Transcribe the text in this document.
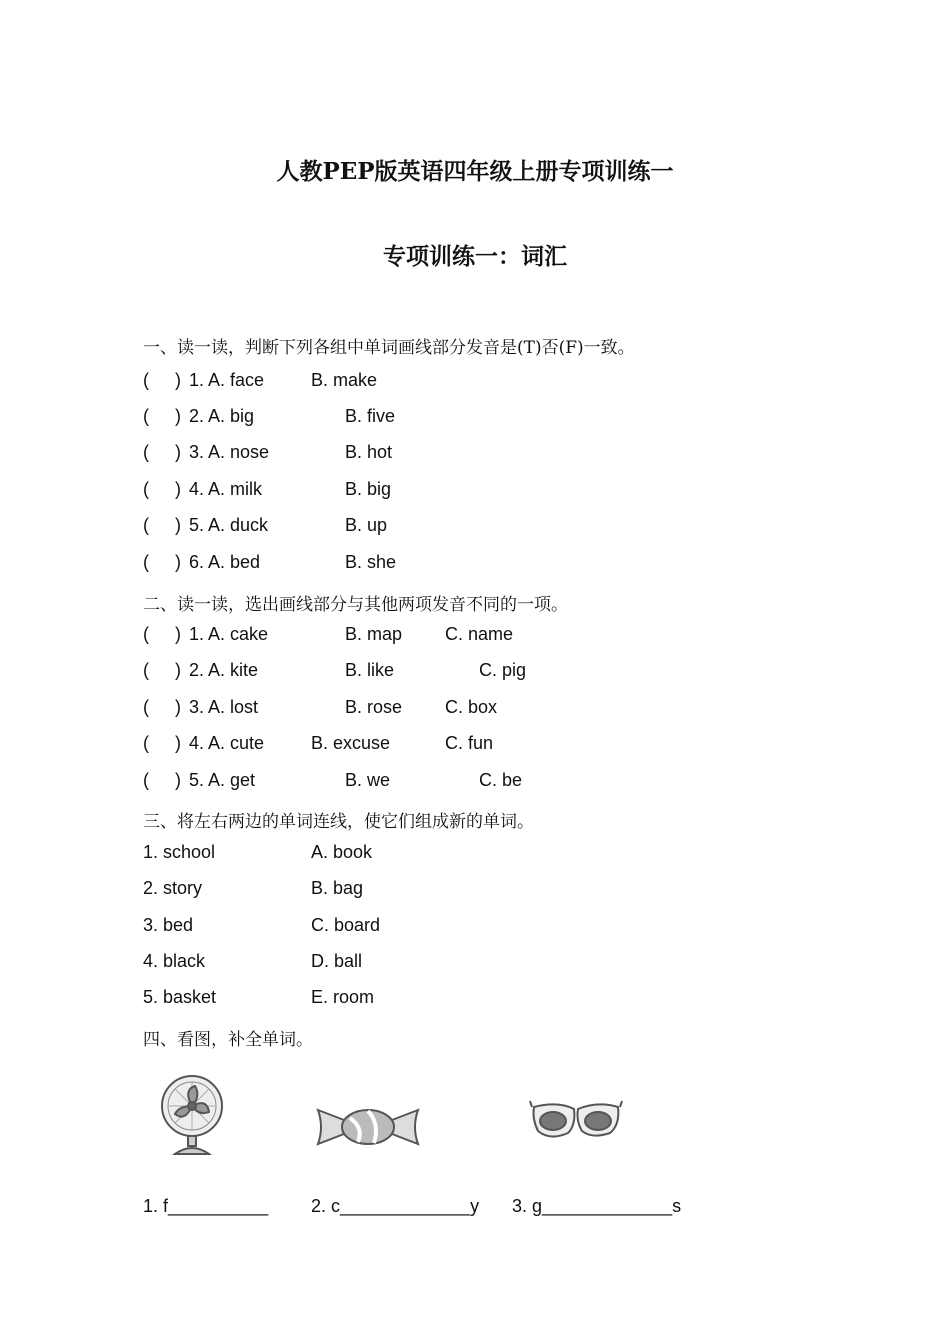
人教PEP版英语四年级上册专项训练一
专项训练一：词汇
一、读一读，判断下列各组中单词画线部分发音是(T)否(F)一致。
( ) 1. A. face	B. make
( ) 2. A. big	B. five
( ) 3. A. nose	B. hot
( ) 4. A. milk	B. big
( ) 5. A. duck	B. up
( ) 6. A. bed	B. she
二、读一读，选出画线部分与其他两项发音不同的一项。
( ) 1. A. cake	B. map C. name
( ) 2. A. kite	B. like	C. pig
( ) 3. A. lost	B. rose C. box
( ) 4. A. cute	B. excuse	C. fun
( ) 5. A. get	B. we	C. be
三、将左右两边的单词连线，使它们组成新的单词。
1. school	A. book
2. story	B. bag
3. bed	C. board
4. black	D. ball
5. basket	E. room
四、看图，补全单词。
1. f__________ 2. c_____________y 3. g_____________s
